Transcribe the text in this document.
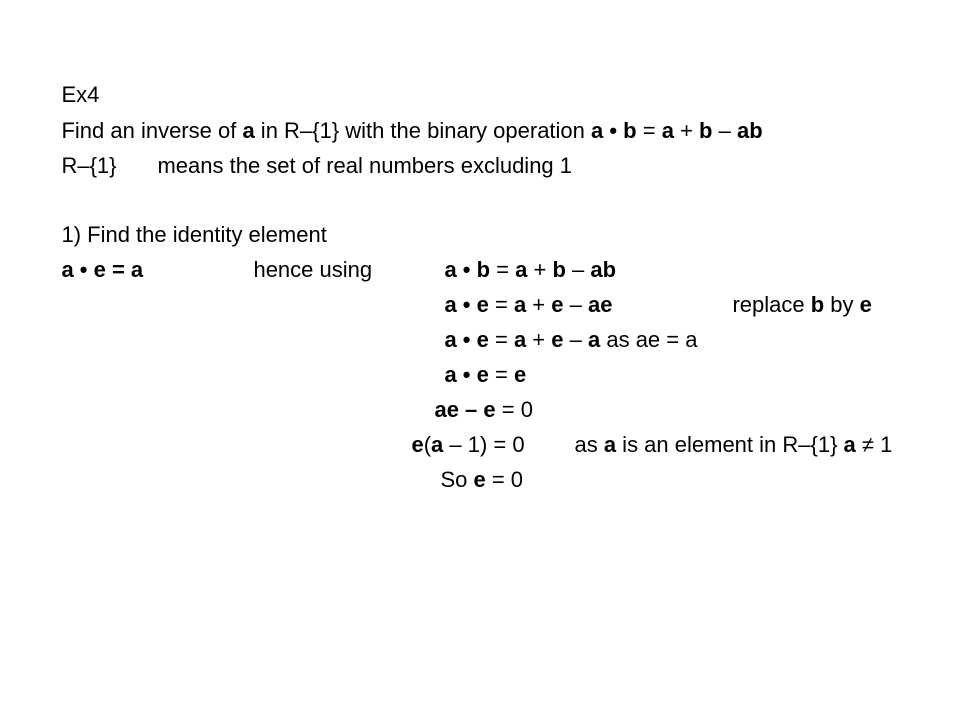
Ex4

Find an inverse of a in R–{1} with the binary operation a • b = a + b – ab

R–{1}
	means the set of real numbers excluding 1

1) Find the identity element

a • e = a
	hence using
	a • b = a + b – ab

a • e = a + e – ae
	replace b by e

a • e = a + e – a as ae = a

a • e = e

ae – e = 0

e(a – 1) = 0
	as a is an element in R–{1} a ≠ 1

So e = 0
